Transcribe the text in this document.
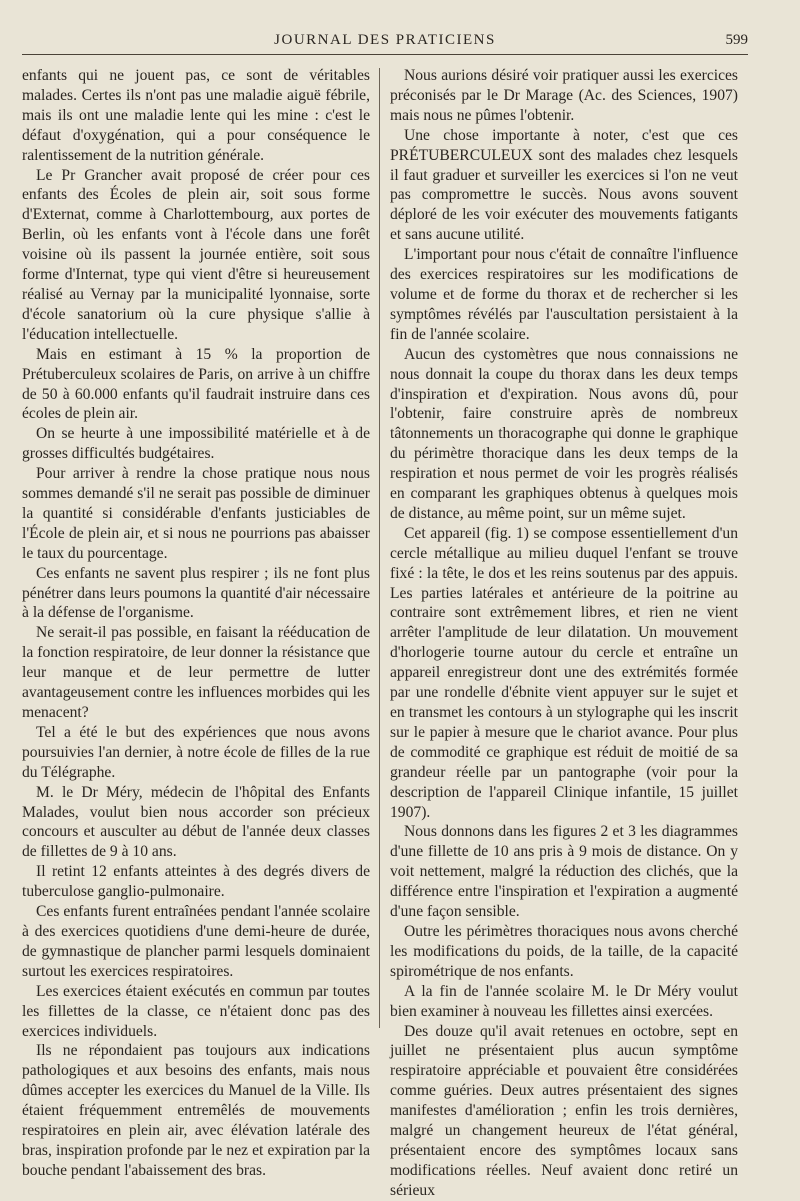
JOURNAL DES PRATICIENS	599

enfants qui ne jouent pas, ce sont de véritables malades. Certes ils n'ont pas une maladie aiguë fébrile, mais ils ont une maladie lente qui les mine : c'est le défaut d'oxygénation, qui a pour conséquence le ralentissement de la nutrition générale.

Le Pr Grancher avait proposé de créer pour ces enfants des Écoles de plein air, soit sous forme d'Externat, comme à Charlottembourg, aux portes de Berlin, où les enfants vont à l'école dans une forêt voisine où ils passent la journée entière, soit sous forme d'Internat, type qui vient d'être si heureusement réalisé au Vernay par la municipalité lyonnaise, sorte d'école sanatorium où la cure physique s'allie à l'éducation intellectuelle.

Mais en estimant à 15 % la proportion de Prétuberculeux scolaires de Paris, on arrive à un chiffre de 50 à 60.000 enfants qu'il faudrait instruire dans ces écoles de plein air.

On se heurte à une impossibilité matérielle et à de grosses difficultés budgétaires.

Pour arriver à rendre la chose pratique nous nous sommes demandé s'il ne serait pas possible de diminuer la quantité si considérable d'enfants justiciables de l'École de plein air, et si nous ne pourrions pas abaisser le taux du pourcentage.

Ces enfants ne savent plus respirer ; ils ne font plus pénétrer dans leurs poumons la quantité d'air nécessaire à la défense de l'organisme.

Ne serait-il pas possible, en faisant la rééducation de la fonction respiratoire, de leur donner la résistance que leur manque et de leur permettre de lutter avantageusement contre les influences morbides qui les menacent?

Tel a été le but des expériences que nous avons poursuivies l'an dernier, à notre école de filles de la rue du Télégraphe.

M. le Dr Méry, médecin de l'hôpital des Enfants Malades, voulut bien nous accorder son précieux concours et ausculter au début de l'année deux classes de fillettes de 9 à 10 ans.

Il retint 12 enfants atteintes à des degrés divers de tuberculose ganglio-pulmonaire.

Ces enfants furent entraînées pendant l'année scolaire à des exercices quotidiens d'une demi-heure de durée, de gymnastique de plancher parmi lesquels dominaient surtout les exercices respiratoires.

Les exercices étaient exécutés en commun par toutes les fillettes de la classe, ce n'étaient donc pas des exercices individuels.

Ils ne répondaient pas toujours aux indications pathologiques et aux besoins des enfants, mais nous dûmes accepter les exercices du Manuel de la Ville. Ils étaient fréquemment entremêlés de mouvements respiratoires en plein air, avec élévation latérale des bras, inspiration profonde par le nez et expiration par la bouche pendant l'abaissement des bras.

Nous aurions désiré voir pratiquer aussi les exercices préconisés par le Dr Marage (Ac. des Sciences, 1907) mais nous ne pûmes l'obtenir.

Une chose importante à noter, c'est que ces PRÉTUBERCULEUX sont des malades chez lesquels il faut graduer et surveiller les exercices si l'on ne veut pas compromettre le succès. Nous avons souvent déploré de les voir exécuter des mouvements fatigants et sans aucune utilité.

L'important pour nous c'était de connaître l'influence des exercices respiratoires sur les modifications de volume et de forme du thorax et de rechercher si les symptômes révélés par l'auscultation persistaient à la fin de l'année scolaire.

Aucun des cystomètres que nous connaissions ne nous donnait la coupe du thorax dans les deux temps d'inspiration et d'expiration. Nous avons dû, pour l'obtenir, faire construire après de nombreux tâtonnements un thoracographe qui donne le graphique du périmètre thoracique dans les deux temps de la respiration et nous permet de voir les progrès réalisés en comparant les graphiques obtenus à quelques mois de distance, au même point, sur un même sujet.

Cet appareil (fig. 1) se compose essentiellement d'un cercle métallique au milieu duquel l'enfant se trouve fixé : la tête, le dos et les reins soutenus par des appuis. Les parties latérales et antérieure de la poitrine au contraire sont extrêmement libres, et rien ne vient arrêter l'amplitude de leur dilatation. Un mouvement d'horlogerie tourne autour du cercle et entraîne un appareil enregistreur dont une des extrémités formée par une rondelle d'ébnite vient appuyer sur le sujet et en transmet les contours à un stylographe qui les inscrit sur le papier à mesure que le chariot avance. Pour plus de commodité ce graphique est réduit de moitié de sa grandeur réelle par un pantographe (voir pour la description de l'appareil Clinique infantile, 15 juillet 1907).

Nous donnons dans les figures 2 et 3 les diagrammes d'une fillette de 10 ans pris à 9 mois de distance. On y voit nettement, malgré la réduction des clichés, que la différence entre l'inspiration et l'expiration a augmenté d'une façon sensible.

Outre les périmètres thoraciques nous avons cherché les modifications du poids, de la taille, de la capacité spirométrique de nos enfants.

A la fin de l'année scolaire M. le Dr Méry voulut bien examiner à nouveau les fillettes ainsi exercées.

Des douze qu'il avait retenues en octobre, sept en juillet ne présentaient plus aucun symptôme respiratoire appréciable et pouvaient être considérées comme guéries. Deux autres présentaient des signes manifestes d'amélioration ; enfin les trois dernières, malgré un changement heureux de l'état général, présentaient encore des symptômes locaux sans modifications réelles. Neuf avaient donc retiré un sérieux
